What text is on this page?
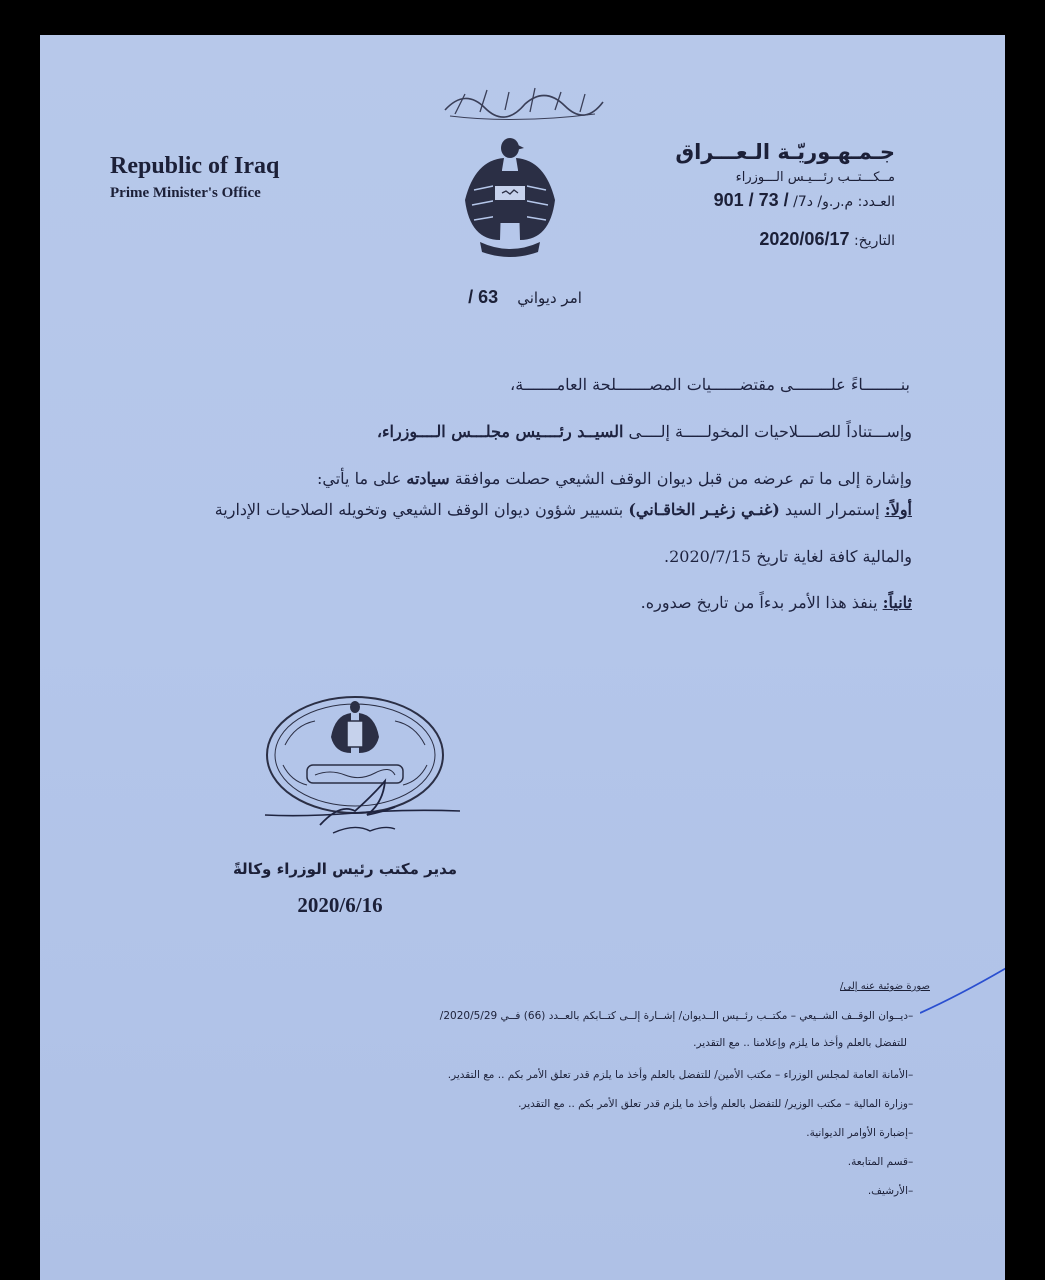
بسم الله الرحمن الرحيم
Republic of Iraq
Prime Minister's Office
جـمـهـوريّـة الـعـــراق
مــكـــتــب رئـــيـس الـــوزراء
العـدد: م.ر.و/ د7/ 901 / 73 /
التاريخ: 2020/06/17
امر ديواني    63 /
بنــــــــاءً علــــــــى مقتضــــــيات المصـــــــلحة العامـــــــة،
وإســـتناداً للصــــلاحيات المخولـــــة إلــــى السيــد رئــــيس مجلـــس الــــوزراء،
وإشارة إلى ما تم عرضه من قبل ديوان الوقف الشيعي حصلت موافقة سيادته على ما يأتي:
أولاً: إستمرار السيد (غنـي زغيـر الخاقـاني) بتسيير شؤون ديوان الوقف الشيعي وتخويله الصلاحيات الإدارية
والمالية كافة لغاية تاريخ 2020/7/15.
ثانياً: ينفذ هذا الأمر بدءاً من تاريخ صدوره.
مدير مكتب رئيس الوزراء وكالةً
2020/6/16
صورة ضوئية عنه إلى/
–ديــوان الوقــف الشــيعي – مكتــب رئــيس الــديوان/ إشــارة إلــى كتــابكم بالعــدد (66) فــي 2020/5/29/
للتفضل بالعلم وأخذ ما يلزم وإعلامنا .. مع التقدير.
–الأمانة العامة لمجلس الوزراء – مكتب الأمين/ للتفضل بالعلم وأخذ ما يلزم قدر تعلق الأمر بكم .. مع التقدير.
–وزارة المالية – مكتب الوزير/ للتفضل بالعلم وأخذ ما يلزم قدر تعلق الأمر بكم .. مع التقدير.
–إضبارة الأوامر الديوانية.
–قسم المتابعة.
–الأرشيف.
